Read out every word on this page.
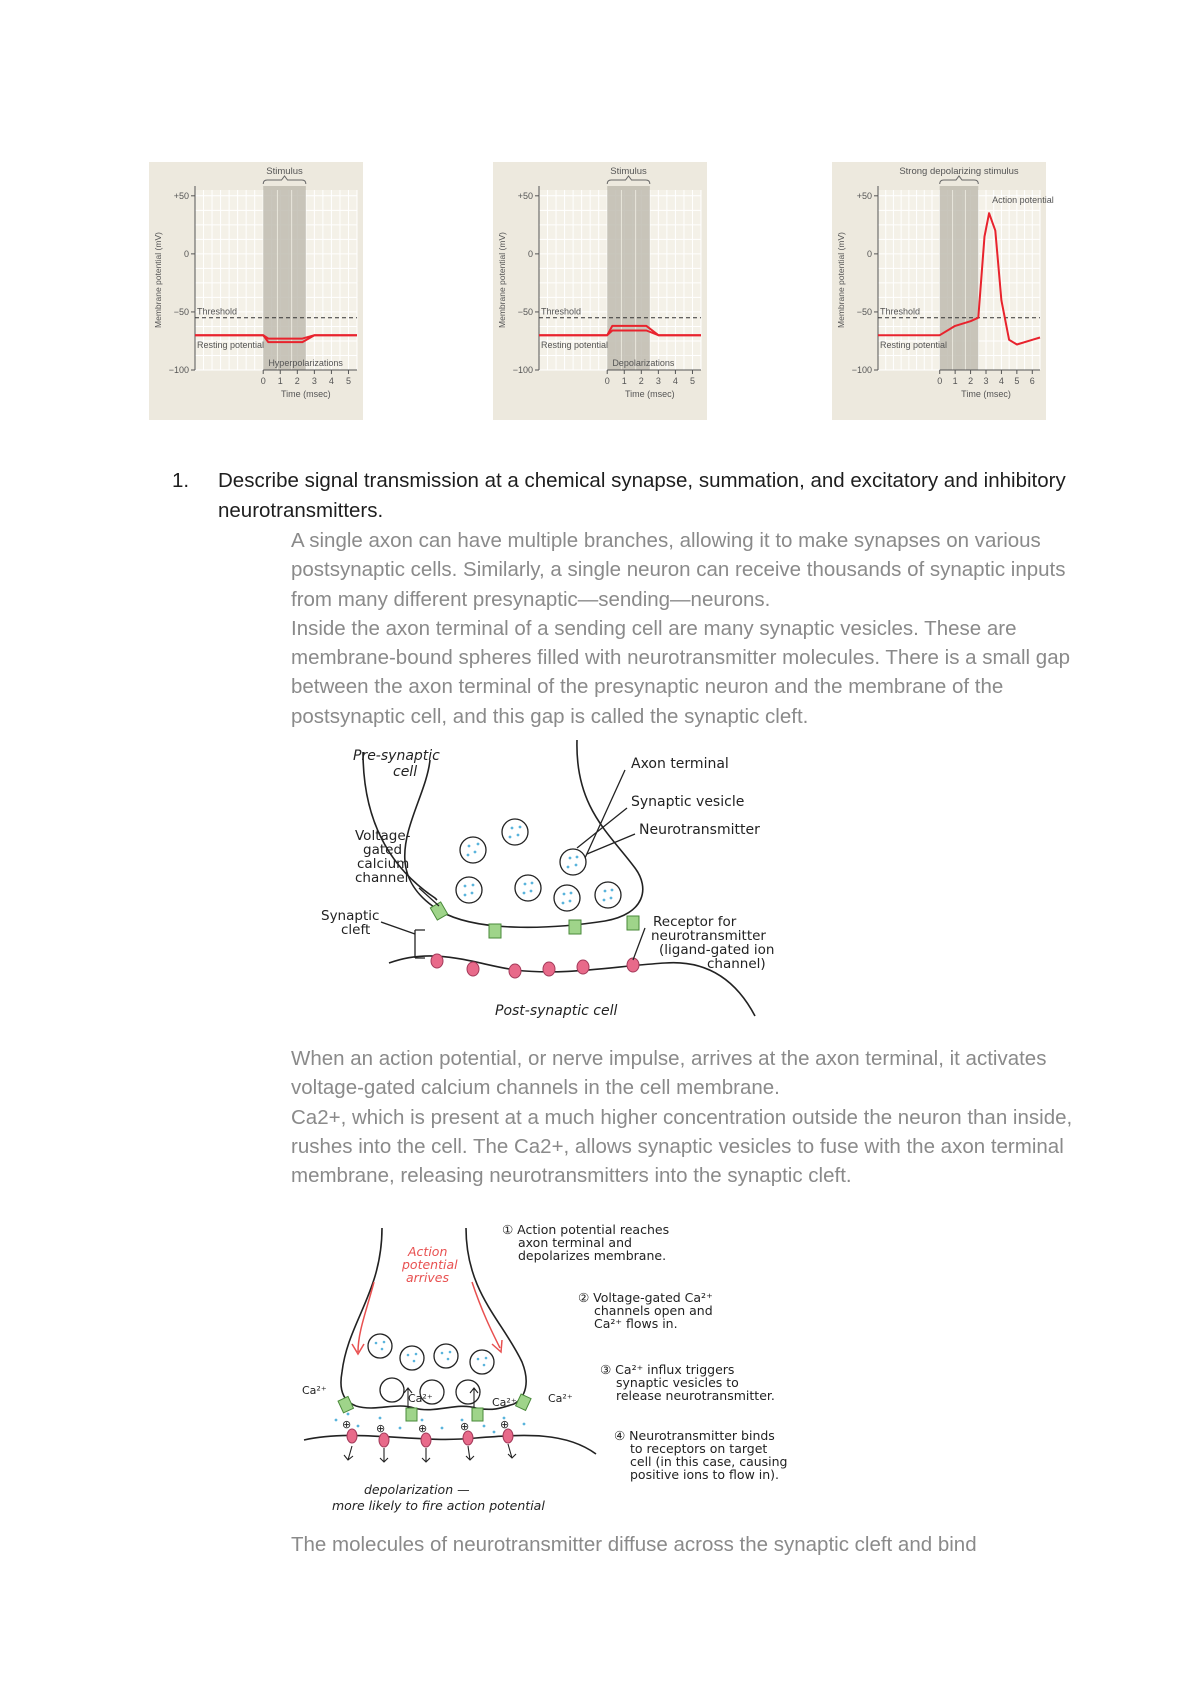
Stimulus
+50
0
−50
−100
0 1 2 3 4 5
Time (msec)
Membrane potential (mV)	Threshold
Resting potential
Hyperpolarizations
Stimulus
+50
0
−50
−100
0 1 2 3 4 5
Time (msec)
Membrane potential (mV)	Threshold
Resting potential
Depolarizations
Strong depolarizing stimulus
+50
0
−50
−100
0 1 2 3 4 5 6
Time (msec)
Membrane potential (mV)	Threshold
Resting potential
Action potential
1. Describe signal transmission at a chemical synapse, summation, and excitatory and inhibitory neurotransmitters.

A single axon can have multiple branches, allowing it to make synapses on various postsynaptic cells. Similarly, a single neuron can receive thousands of synaptic inputs from many different presynaptic—sending—neurons.

Inside the axon terminal of a sending cell are many synaptic vesicles. These are membrane-bound spheres filled with neurotransmitter molecules. There is a small gap between the axon terminal of the presynaptic neuron and the membrane of the postsynaptic cell, and this gap is called the synaptic cleft.

Pre-synaptic
cell	Axon terminal
Synaptic vesicle
Neurotransmitter
Voltage-
gated
calcium
channel
Synaptic
cleft	Receptor for
neurotransmitter
(ligand-gated ion
channel)
Post-synaptic cell

When an action potential, or nerve impulse, arrives at the axon terminal, it activates voltage-gated calcium channels in the cell membrane.

Ca2+, which is present at a much higher concentration outside the neuron than inside, rushes into the cell. The Ca2+, allows synaptic vesicles to fuse with the axon terminal membrane, releasing neurotransmitters into the synaptic cleft.

⊕ ⊕	⊕	⊕	⊕
Action
potential
arrives
Ca²⁺
Ca²⁺	Ca²⁺	Ca²⁺
① Action potential reaches
axon terminal and
depolarizes membrane.
② Voltage-gated Ca²⁺
channels open and
Ca²⁺ flows in.
③ Ca²⁺ influx triggers
synaptic vesicles to
release neurotransmitter.
④ Neurotransmitter binds
to receptors on target
cell (in this case, causing
positive ions to flow in).
depolarization —
more likely to fire action potential

The molecules of neurotransmitter diffuse across the synaptic cleft and bind
